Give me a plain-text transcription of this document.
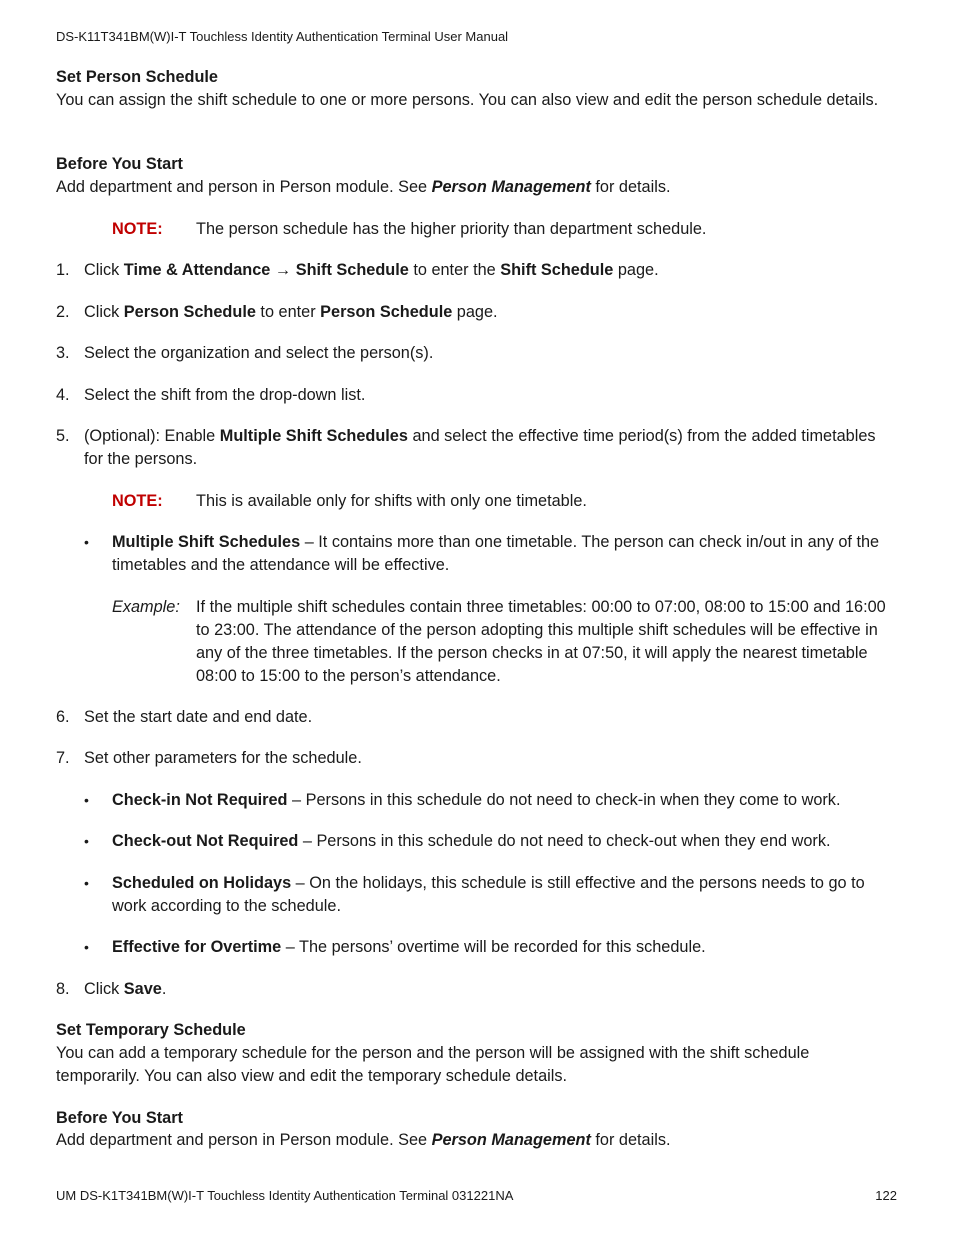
DS-K11T341BM(W)I-T Touchless Identity Authentication Terminal User Manual
Set Person Schedule
You can assign the shift schedule to one or more persons. You can also view and edit the person schedule details.
Before You Start
Add department and person in Person module. See Person Management for details.
NOTE: The person schedule has the higher priority than department schedule.
1. Click Time & Attendance → Shift Schedule to enter the Shift Schedule page.
2. Click Person Schedule to enter Person Schedule page.
3. Select the organization and select the person(s).
4. Select the shift from the drop-down list.
5. (Optional): Enable Multiple Shift Schedules and select the effective time period(s) from the added timetables for the persons.
NOTE: This is available only for shifts with only one timetable.
• Multiple Shift Schedules – It contains more than one timetable. The person can check in/out in any of the timetables and the attendance will be effective.
Example: If the multiple shift schedules contain three timetables: 00:00 to 07:00, 08:00 to 15:00 and 16:00 to 23:00. The attendance of the person adopting this multiple shift schedules will be effective in any of the three timetables. If the person checks in at 07:50, it will apply the nearest timetable 08:00 to 15:00 to the person’s attendance.
6. Set the start date and end date.
7. Set other parameters for the schedule.
• Check-in Not Required – Persons in this schedule do not need to check-in when they come to work.
• Check-out Not Required – Persons in this schedule do not need to check-out when they end work.
• Scheduled on Holidays – On the holidays, this schedule is still effective and the persons needs to go to work according to the schedule.
• Effective for Overtime – The persons’ overtime will be recorded for this schedule.
8. Click Save.
Set Temporary Schedule
You can add a temporary schedule for the person and the person will be assigned with the shift schedule temporarily. You can also view and edit the temporary schedule details.
Before You Start
Add department and person in Person module. See Person Management for details.
UM DS-K1T341BM(W)I-T Touchless Identity Authentication Terminal 031221NA	122
